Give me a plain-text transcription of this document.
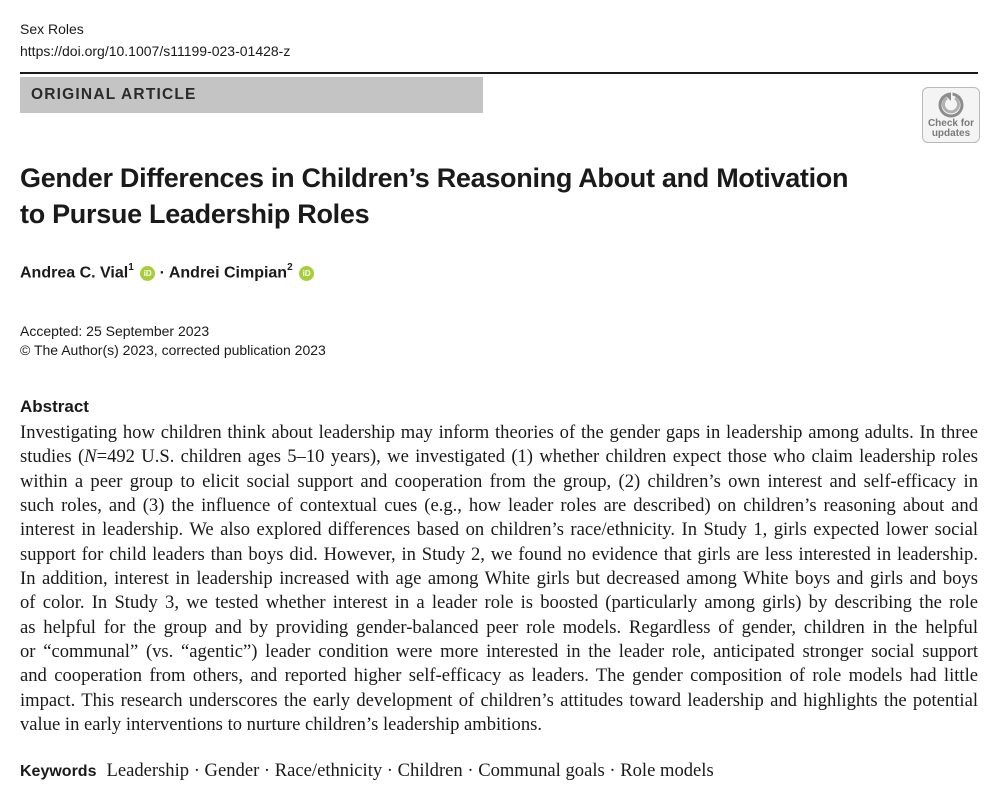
Sex Roles
https://doi.org/10.1007/s11199-023-01428-z
ORIGINAL ARTICLE
Check for
updates
Gender Differences in Children’s Reasoning About and Motivation
to Pursue Leadership Roles
Andrea C. Vial$^1$ iD · Andrei Cimpian$^2$ iD
Accepted: 25 September 2023
© The Author(s) 2023, corrected publication 2023
Abstract
Investigating how children think about leadership may inform theories of the gender gaps in leadership among adults. In three
studies (N=492 U.S. children ages 5–10 years), we investigated (1) whether children expect those who claim leadership roles
within a peer group to elicit social support and cooperation from the group, (2) children’s own interest and self-efficacy in
such roles, and (3) the influence of contextual cues (e.g., how leader roles are described) on children’s reasoning about and
interest in leadership. We also explored differences based on children’s race/ethnicity. In Study 1, girls expected lower social
support for child leaders than boys did. However, in Study 2, we found no evidence that girls are less interested in leadership.
In addition, interest in leadership increased with age among White girls but decreased among White boys and girls and boys
of color. In Study 3, we tested whether interest in a leader role is boosted (particularly among girls) by describing the role
as helpful for the group and by providing gender-balanced peer role models. Regardless of gender, children in the helpful
or “communal” (vs. “agentic”) leader condition were more interested in the leader role, anticipated stronger social support
and cooperation from others, and reported higher self-efficacy as leaders. The gender composition of role models had little
impact. This research underscores the early development of children’s attitudes toward leadership and highlights the potential
value in early interventions to nurture children’s leadership ambitions.
Keywords Leadership · Gender · Race/ethnicity · Children · Communal goals · Role models
